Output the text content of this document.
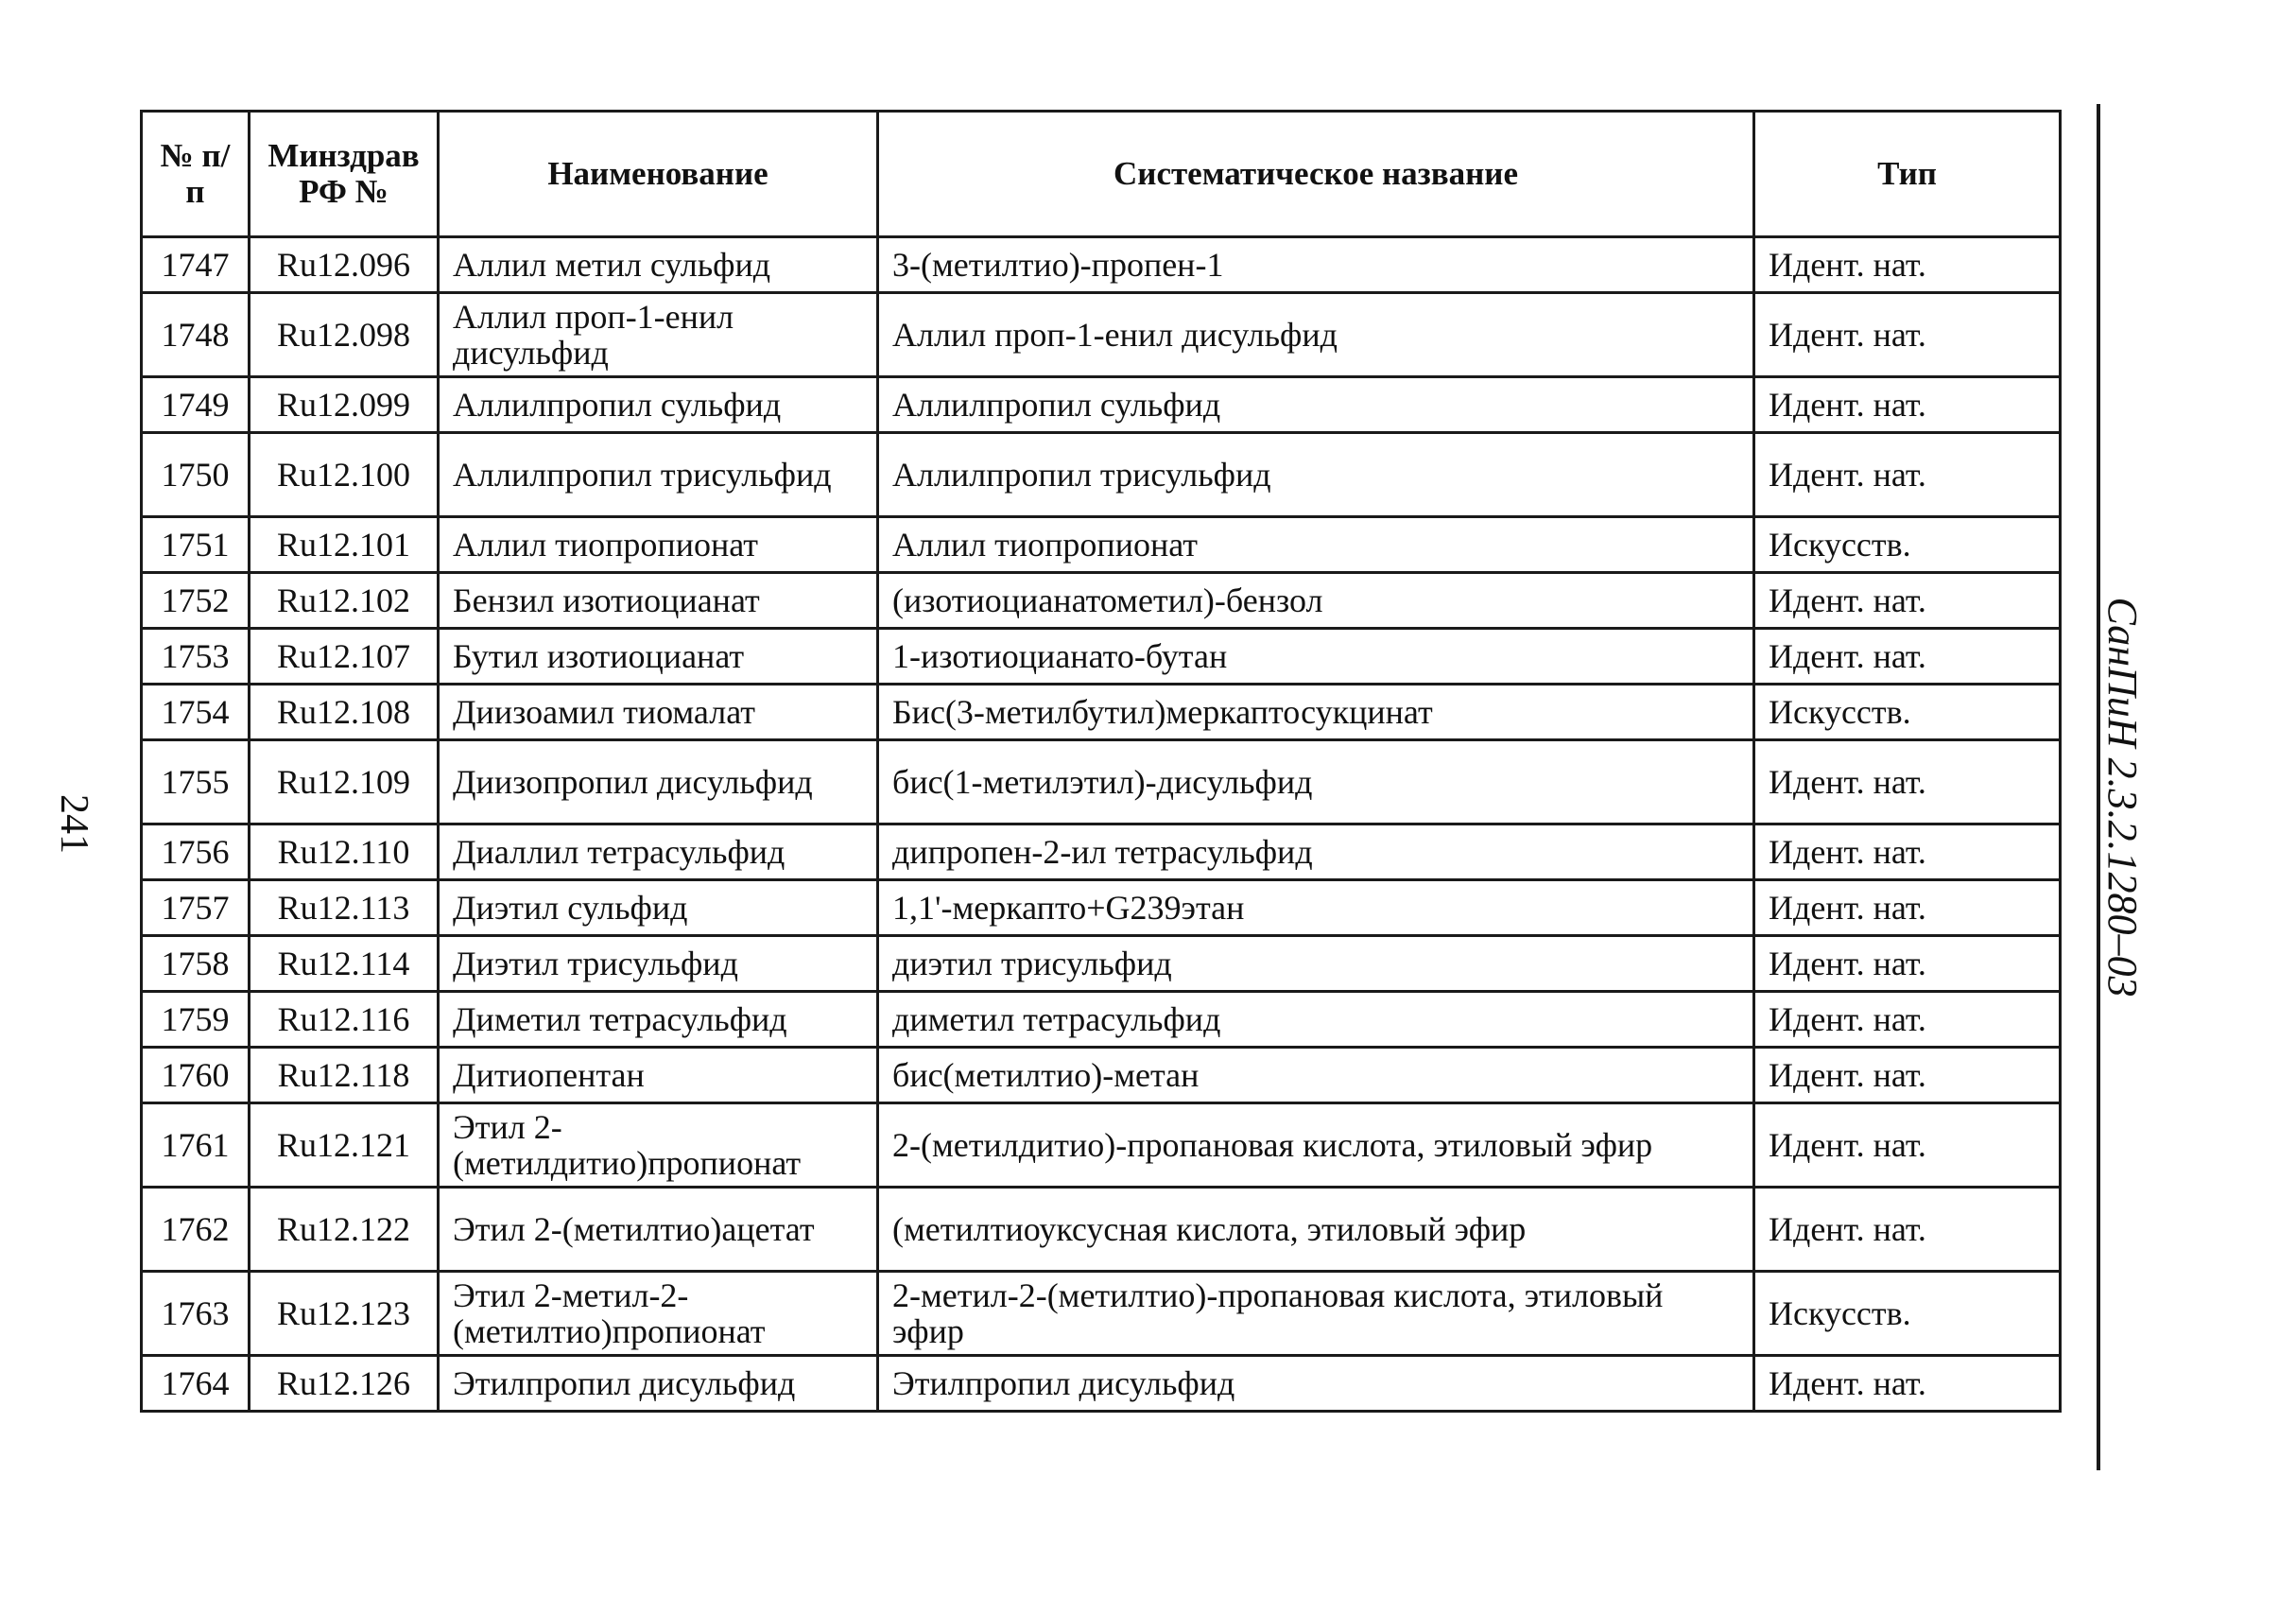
241
№ п/п	Минздрав РФ №	Наименование	Систематическое название	Тип
1747	Ru12.096	Аллил метил сульфид	3-(метилтио)-пропен-1	Идент. нат.
1748	Ru12.098	Аллил проп-1-енил дисульфид	Аллил проп-1-енил дисульфид	Идент. нат.
1749	Ru12.099	Аллилпропил сульфид	Аллилпропил сульфид	Идент. нат.
1750	Ru12.100	Аллилпропил трисульфид	Аллилпропил трисульфид	Идент. нат.
1751	Ru12.101	Аллил тиопропионат	Аллил тиопропионат	Искусств.
1752	Ru12.102	Бензил изотиоцианат	(изотиоцианатометил)-бензол	Идент. нат.
1753	Ru12.107	Бутил изотиоцианат	1-изотиоцианато-бутан	Идент. нат.
1754	Ru12.108	Диизоамил тиомалат	Бис(3-метилбутил)меркаптосукцинат	Искусств.
1755	Ru12.109	Диизопропил дисульфид	бис(1-метилэтил)-дисульфид	Идент. нат.
1756	Ru12.110	Диаллил тетрасульфид	дипропен-2-ил тетрасульфид	Идент. нат.
1757	Ru12.113	Диэтил сульфид	1,1'-меркапто+G239этан	Идент. нат.
1758	Ru12.114	Диэтил трисульфид	диэтил трисульфид	Идент. нат.
1759	Ru12.116	Диметил тетрасульфид	диметил тетрасульфид	Идент. нат.
1760	Ru12.118	Дитиопентан	бис(метилтио)-метан	Идент. нат.
1761	Ru12.121	Этил 2-(метилдитио)пропионат	2-(метилдитио)-пропановая кислота, этиловый эфир	Идент. нат.
1762	Ru12.122	Этил 2-(метилтио)ацетат	(метилтиоуксусная кислота, этиловый эфир	Идент. нат.
1763	Ru12.123	Этил 2-метил-2-(метилтио)пропионат	2-метил-2-(метилтио)-пропановая кислота, этиловый эфир	Искусств.
1764	Ru12.126	Этилпропил дисульфид	Этилпропил дисульфид	Идент. нат.
СанПиН 2.3.2.1280–03
